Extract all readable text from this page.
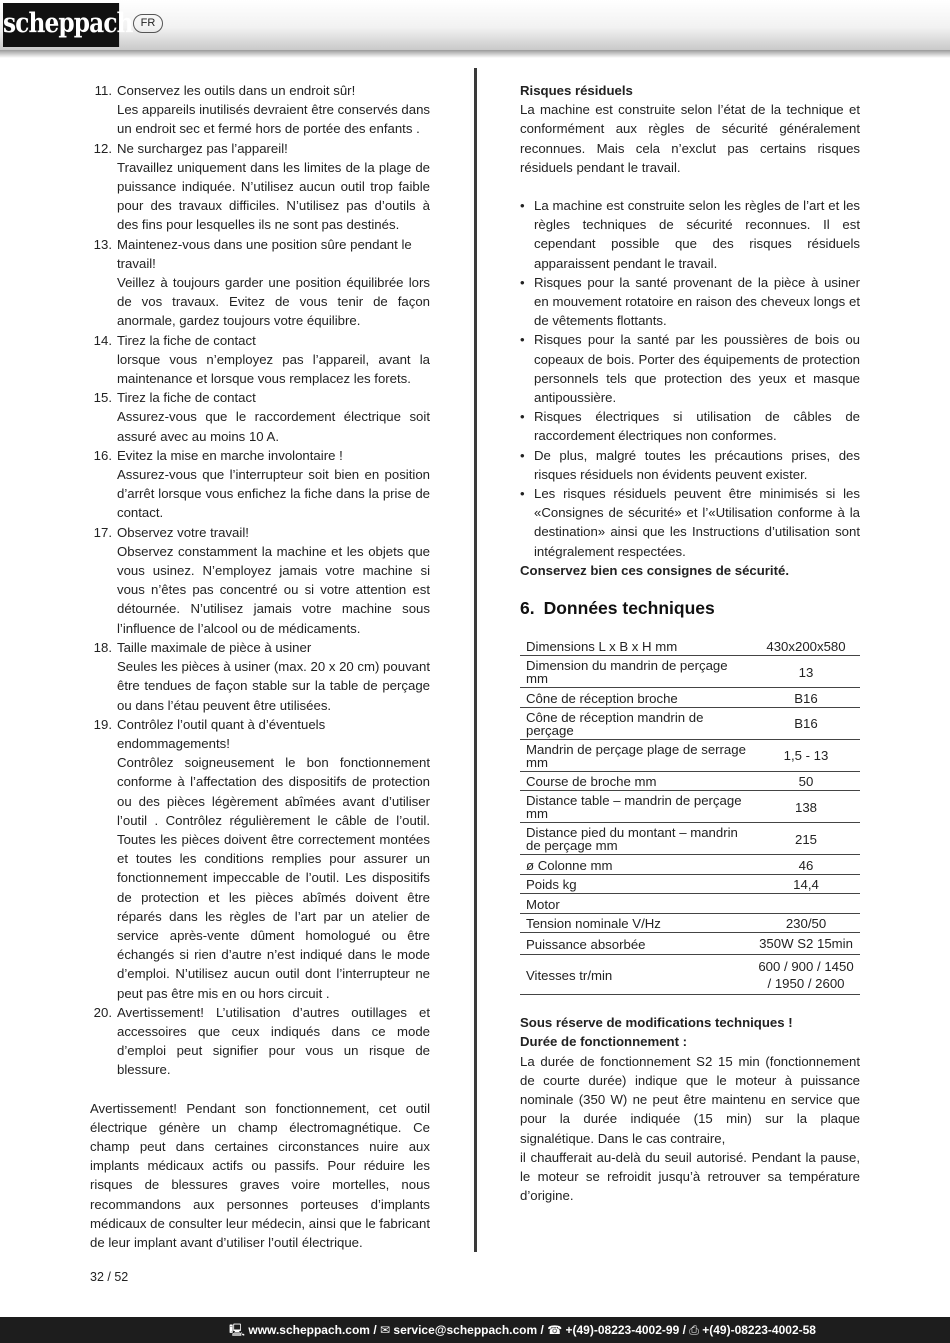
scheppach FR
11. Conservez les outils dans un endroit sûr!
Les appareils inutilisés devraient être conservés dans un endroit sec et fermé hors de portée des enfants .
12. Ne surchargez pas l’appareil!
Travaillez uniquement dans les limites de la plage de puissance indiquée. N’utilisez aucun outil trop faible pour des travaux difficiles. N’utilisez pas d’outils à des fins pour lesquelles ils ne sont pas destinés.
13. Maintenez-vous dans une position sûre pendant le travail!
Veillez à toujours garder une position équilibrée lors de vos travaux. Evitez de vous tenir de façon anormale, gardez toujours votre équilibre.
14. Tirez la fiche de contact
lorsque vous n’employez pas l’appareil, avant la maintenance et lorsque vous remplacez les forets.
15. Tirez la fiche de contact
Assurez-vous que le raccordement électrique soit assuré avec au moins 10 A.
16. Evitez la mise en marche involontaire !
Assurez-vous que l’interrupteur soit bien en position d’arrêt lorsque vous enfichez la fiche dans la prise de contact.
17. Observez votre travail!
Observez constamment la machine et les objets que vous usinez. N’employez jamais votre machine si vous n’êtes pas concentré ou si votre attention est détournée. N’utilisez jamais votre machine sous l’influence de l’alcool ou de médicaments.
18. Taille maximale de pièce à usiner
Seules les pièces à usiner (max. 20 x 20 cm) pouvant être tendues de façon stable sur la table de perçage ou dans l’étau peuvent être utilisées.
19. Contrôlez l’outil quant à d’éventuels endommagements!
Contrôlez soigneusement le bon fonctionnement conforme à l’affectation des dispositifs de protection ou des pièces légèrement abîmées avant d’utiliser l’outil . Contrôlez régulièrement le câble de l’outil. Toutes les pièces doivent être correctement montées et toutes les conditions remplies pour assurer un fonctionnement impeccable de l’outil. Les dispositifs de protection et les pièces abîmés doivent être réparés dans les règles de l’art par un atelier de service après-vente dûment homologué ou être échangés si rien d’autre n’est indiqué dans le mode d’emploi. N’utilisez aucun outil dont l’interrupteur ne peut pas être mis en ou hors circuit .
20. Avertissement! L’utilisation d’autres outillages et accessoires que ceux indiqués dans ce mode d’emploi peut signifier pour vous un risque de blessure.
Avertissement! Pendant son fonctionnement, cet outil électrique génère un champ électromagnétique. Ce champ peut dans certaines circonstances nuire aux implants médicaux actifs ou passifs. Pour réduire les risques de blessures graves voire mortelles, nous recommandons aux personnes porteuses d’implants médicaux de consulter leur médecin, ainsi que le fabricant de leur implant avant d’utiliser l’outil électrique.
Risques résiduels
La machine est construite selon l’état de la technique et conformément aux règles de sécurité généralement reconnues. Mais cela n’exclut pas certains risques résiduels pendant le travail.
• La machine est construite selon les règles de l’art et les règles techniques de sécurité reconnues. Il est cependant possible que des risques résiduels apparaissent pendant le travail.
• Risques pour la santé provenant de la pièce à usiner en mouvement rotatoire en raison des cheveux longs et de vêtements flottants.
• Risques pour la santé par les poussières de bois ou copeaux de bois. Porter des équipements de protection personnels tels que protection des yeux et masque antipoussière.
• Risques électriques si utilisation de câbles de raccordement électriques non conformes.
• De plus, malgré toutes les précautions prises, des risques résiduels non évidents peuvent exister.
• Les risques résiduels peuvent être minimisés si les «Consignes de sécurité» et l’«Utilisation conforme à la destination» ainsi que les Instructions d’utilisation sont intégralement respectées.
Conservez bien ces consignes de sécurité.
6. Données techniques
Dimensions L x B x H mm	430x200x580
Dimension du mandrin de perçage mm	13
Cône de réception broche	B16
Cône de réception mandrin de perçage	B16
Mandrin de perçage plage de serrage mm	1,5 - 13
Course de broche mm	50
Distance table – mandrin de perçage mm	138
Distance pied du montant – mandrin de perçage mm	215
ø Colonne mm	46
Poids kg	14,4
Motor	
Tension nominale V/Hz	230/50
Puissance absorbée	350W S2 15min
Vitesses tr/min	600 / 900 / 1450 / 1950 / 2600
Sous réserve de modifications techniques !
Durée de fonctionnement :
La durée de fonctionnement S2 15 min (fonctionnement de courte durée) indique que le moteur à puissance nominale (350 W) ne peut être maintenu en service que pour la durée indiquée (15 min) sur la plaque signalétique. Dans le cas contraire,
il chaufferait au-delà du seuil autorisé. Pendant la pause, le moteur se refroidit jusqu’à retrouver sa température d’origine.
32 / 52
🖳 www.scheppach.com / ✉ service@scheppach.com / ☎ +(49)-08223-4002-99 / ⎙ +(49)-08223-4002-58
